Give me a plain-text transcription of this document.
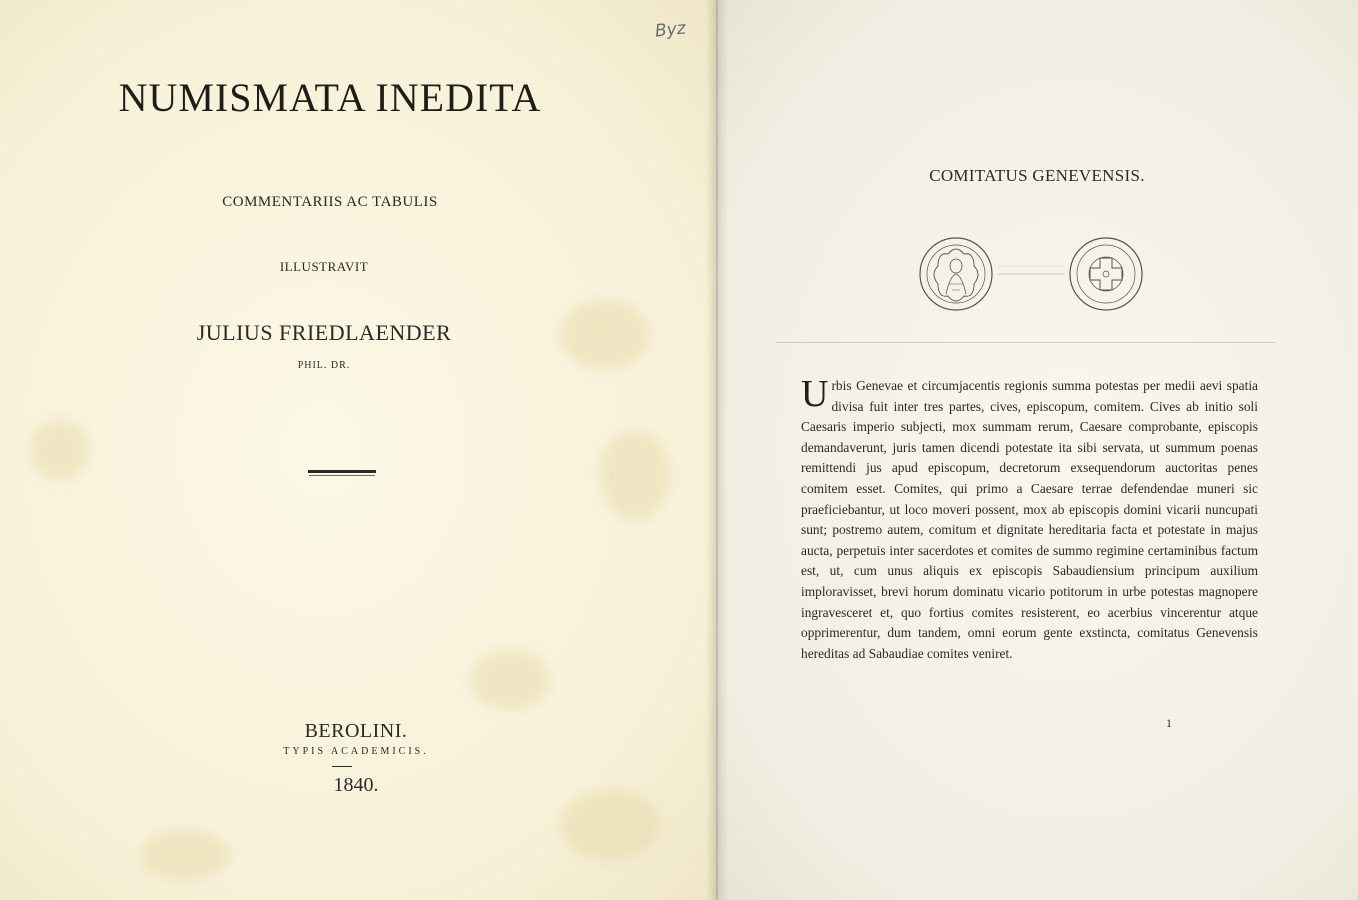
Byz
NUMISMATA INEDITA
COMMENTARIIS AC TABULIS
ILLUSTRAVIT
JULIUS FRIEDLAENDER
PHIL. DR.
BEROLINI.
TYPIS ACADEMICIS.
1840.
COMITATUS GENEVENSIS.
Urbis Genevae et circumjacentis regionis summa potestas per medii aevi spatia divisa fuit inter tres partes, cives, episcopum, comitem. Cives ab initio soli Caesaris imperio subjecti, mox summam rerum, Caesare comprobante, episcopis demandaverunt, juris tamen dicendi potestate ita sibi servata, ut summum poenas remittendi jus apud episcopum, decretorum exsequendorum auctoritas penes comitem esset. Comites, qui primo a Caesare terrae defendendae muneri sic praeficiebantur, ut loco moveri possent, mox ab episcopis domini vicarii nuncupati sunt; postremo autem, comitum et dignitate hereditaria facta et potestate in majus aucta, perpetuis inter sacerdotes et comites de summo regimine certaminibus factum est, ut, cum unus aliquis ex episcopis Sabaudiensium principum auxilium imploravisset, brevi horum dominatu vicario potitorum in urbe potestas magnopere ingravesceret et, quo fortius comites resisterent, eo acerbius vincerentur atque opprimerentur, dum tandem, omni eorum gente exstincta, comitatus Genevensis hereditas ad Sabaudiae comites veniret.
1
